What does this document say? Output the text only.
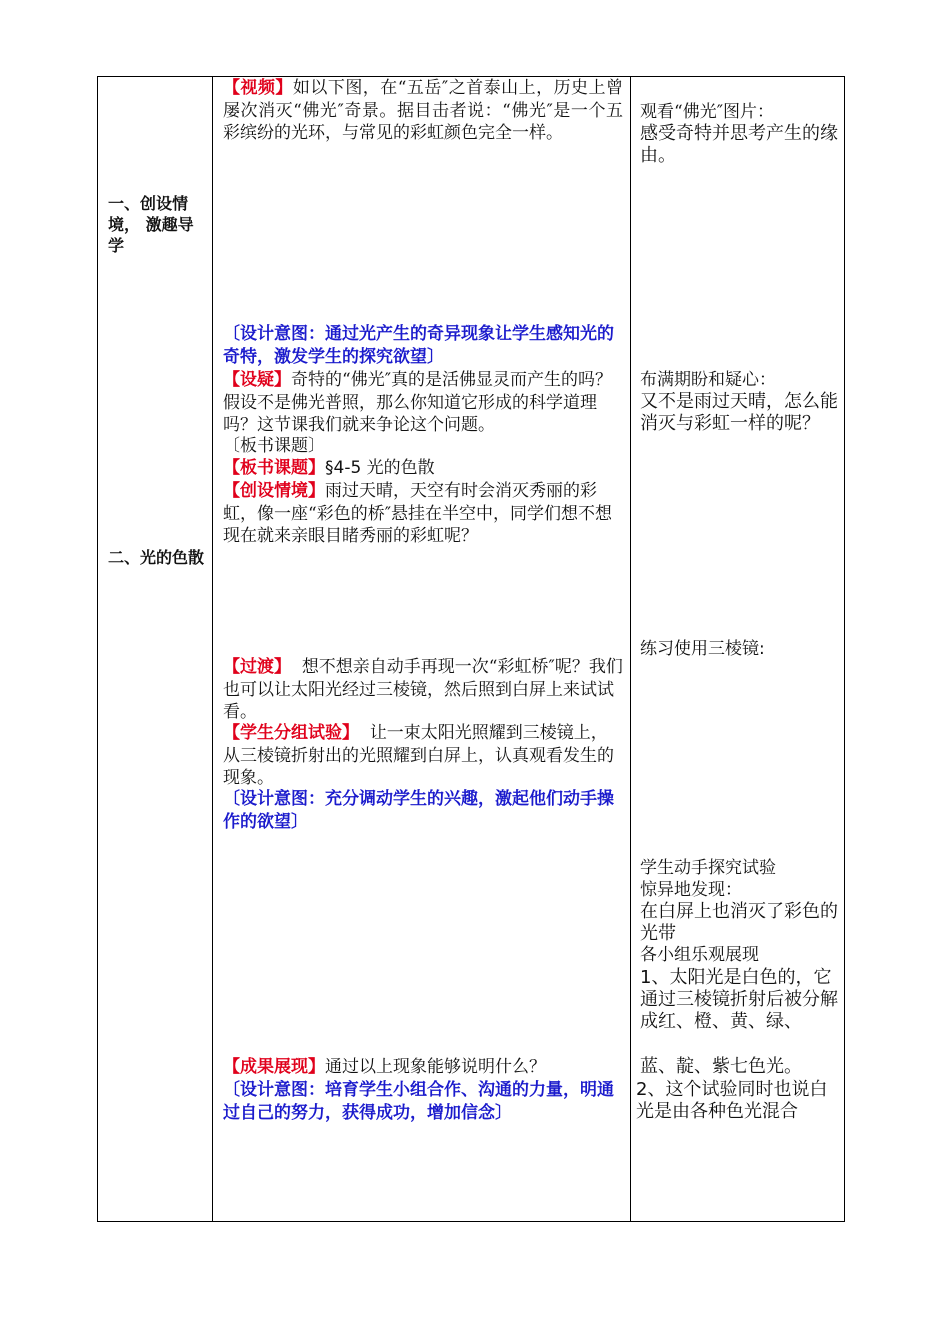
一、创设情境， 激趣导学
二、光的色散
【视频】如以下图，在“五岳″之首泰山上，历史上曾屡次消灭“佛光″奇景。据目击者说：“佛光″是一个五彩缤纷的光环，与常见的彩虹颜色完全一样。
〔设计意图：通过光产生的奇异现象让学生感知光的奇特，激发学生的探究欲望〕
【设疑】奇特的“佛光″真的是活佛显灵而产生的吗？假设不是佛光普照，那么你知道它形成的科学道理吗？这节课我们就来争论这个问题。
〔板书课题〕
【板书课题】§4-5 光的色散
【创设情境】雨过天晴，天空有时会消灭秀丽的彩虹，像一座“彩色的桥″悬挂在半空中，同学们想不想现在就来亲眼目睹秀丽的彩虹呢？
【过渡】 想不想亲自动手再现一次“彩虹桥″呢？我们也可以让太阳光经过三棱镜，然后照到白屏上来试试看。
【学生分组试验】 让一束太阳光照耀到三棱镜上，从三棱镜折射出的光照耀到白屏上，认真观看发生的现象。
〔设计意图：充分调动学生的兴趣，激起他们动手操作的欲望〕
【成果展现】通过以上现象能够说明什么？
〔设计意图：培育学生小组合作、沟通的力量，明通过自己的努力，获得成功，增加信念〕
观看“佛光″图片：
感受奇特并思考产生的缘由。
布满期盼和疑心：
又不是雨过天晴，怎么能消灭与彩虹一样的呢？
练习使用三棱镜:
学生动手探究试验
惊异地发现：
在白屏上也消灭了彩色的光带
各小组乐观展现
1、太阳光是白色的，它通过三棱镜折射后被分解成红、橙、黄、绿、
蓝、靛、紫七色光。
2、这个试验同时也说白光是由各种色光混合
